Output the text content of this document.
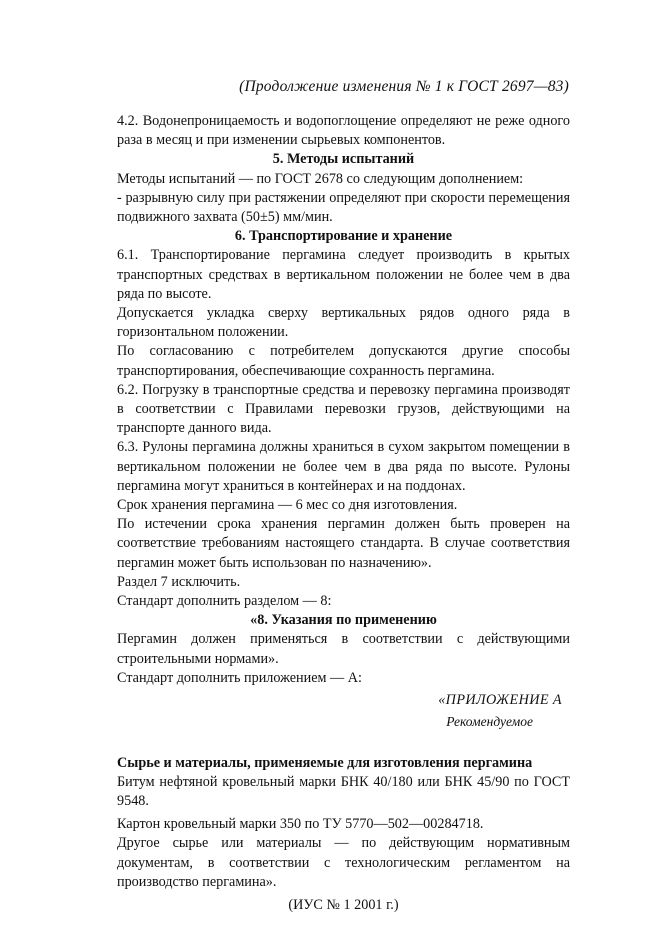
(Продолжение изменения № 1 к ГОСТ 2697—83)

4.2. Водонепроницаемость и водопоглощение определяют не реже одного раза в месяц и при изменении сырьевых компонентов.

5. Методы испытаний

Методы испытаний — по ГОСТ 2678 со следующим дополнением:

- разрывную силу при растяжении определяют при скорости перемещения подвижного захвата (50±5) мм/мин.

6. Транспортирование и хранение

6.1. Транспортирование пергамина следует производить в крытых транспортных средствах в вертикальном положении не более чем в два ряда по высоте.

Допускается укладка сверху вертикальных рядов одного ряда в горизонтальном положении.

По согласованию с потребителем допускаются другие способы транспортирования, обеспечивающие сохранность пергамина.

6.2. Погрузку в транспортные средства и перевозку пергамина производят в соответствии с Правилами перевозки грузов, действующими на транспорте данного вида.

6.3. Рулоны пергамина должны храниться в сухом закрытом помещении в вертикальном положении не более чем в два ряда по высоте. Рулоны пергамина могут храниться в контейнерах и на поддонах.

Срок хранения пергамина — 6 мес со дня изготовления.

По истечении срока хранения пергамин должен быть проверен на соответствие требованиям настоящего стандарта. В случае соответствия пергамин может быть использован по назначению».

Раздел 7 исключить.

Стандарт дополнить разделом — 8:

«8. Указания по применению

Пергамин должен применяться в соответствии с действующими строительными нормами».

Стандарт дополнить приложением — А:

«ПРИЛОЖЕНИЕ А
Рекомендуемое

Сырье и материалы, применяемые для изготовления пергамина

Битум нефтяной кровельный марки БНК 40/180 или БНК 45/90 по ГОСТ 9548.

Картон кровельный марки 350 по ТУ 5770—502—00284718.

Другое сырье или материалы — по действующим нормативным документам, в соответствии с технологическим регламентом на производство пергамина».

(ИУС № 1 2001 г.)
